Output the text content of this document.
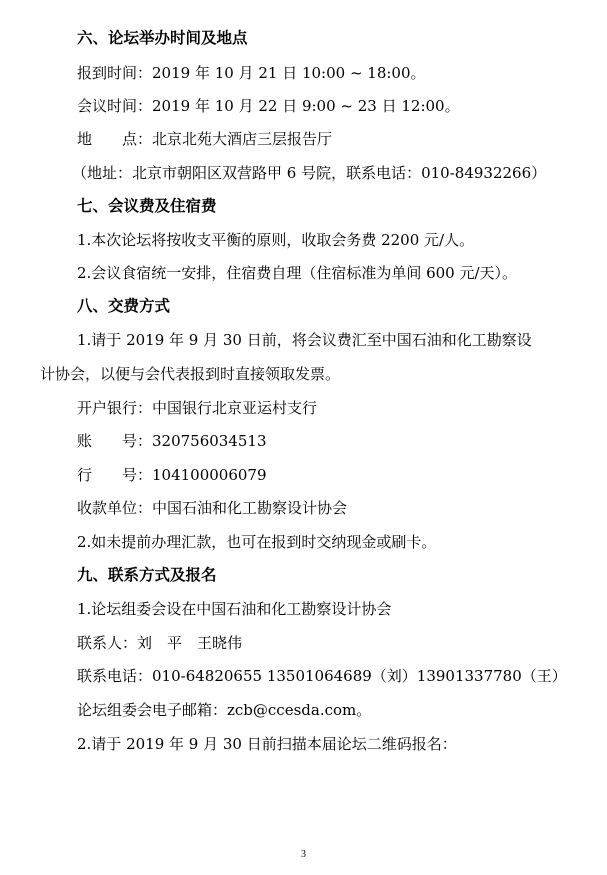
六、论坛举办时间及地点
报到时间：2019 年 10 月 21 日 10:00 ~ 18:00。
会议时间：2019 年 10 月 22 日 9:00 ~ 23 日 12:00。
地　　点：北京北苑大酒店三层报告厅
（地址：北京市朝阳区双营路甲 6 号院，联系电话：010-84932266）
七、会议费及住宿费
1.本次论坛将按收支平衡的原则，收取会务费 2200 元/人。
2.会议食宿统一安排，住宿费自理（住宿标准为单间 600 元/天）。
八、交费方式
1.请于 2019 年 9 月 30 日前，将会议费汇至中国石油和化工勘察设
计协会，以便与会代表报到时直接领取发票。
开户银行：中国银行北京亚运村支行
账　　号：320756034513
行　　号：104100006079
收款单位：中国石油和化工勘察设计协会
2.如未提前办理汇款，也可在报到时交纳现金或刷卡。
九、联系方式及报名
1.论坛组委会设在中国石油和化工勘察设计协会
联系人：刘　平　王晓伟
联系电话：010-64820655 13501064689（刘）13901337780（王）
论坛组委会电子邮箱：zcb@ccesda.com。
2.请于 2019 年 9 月 30 日前扫描本届论坛二维码报名：
3
